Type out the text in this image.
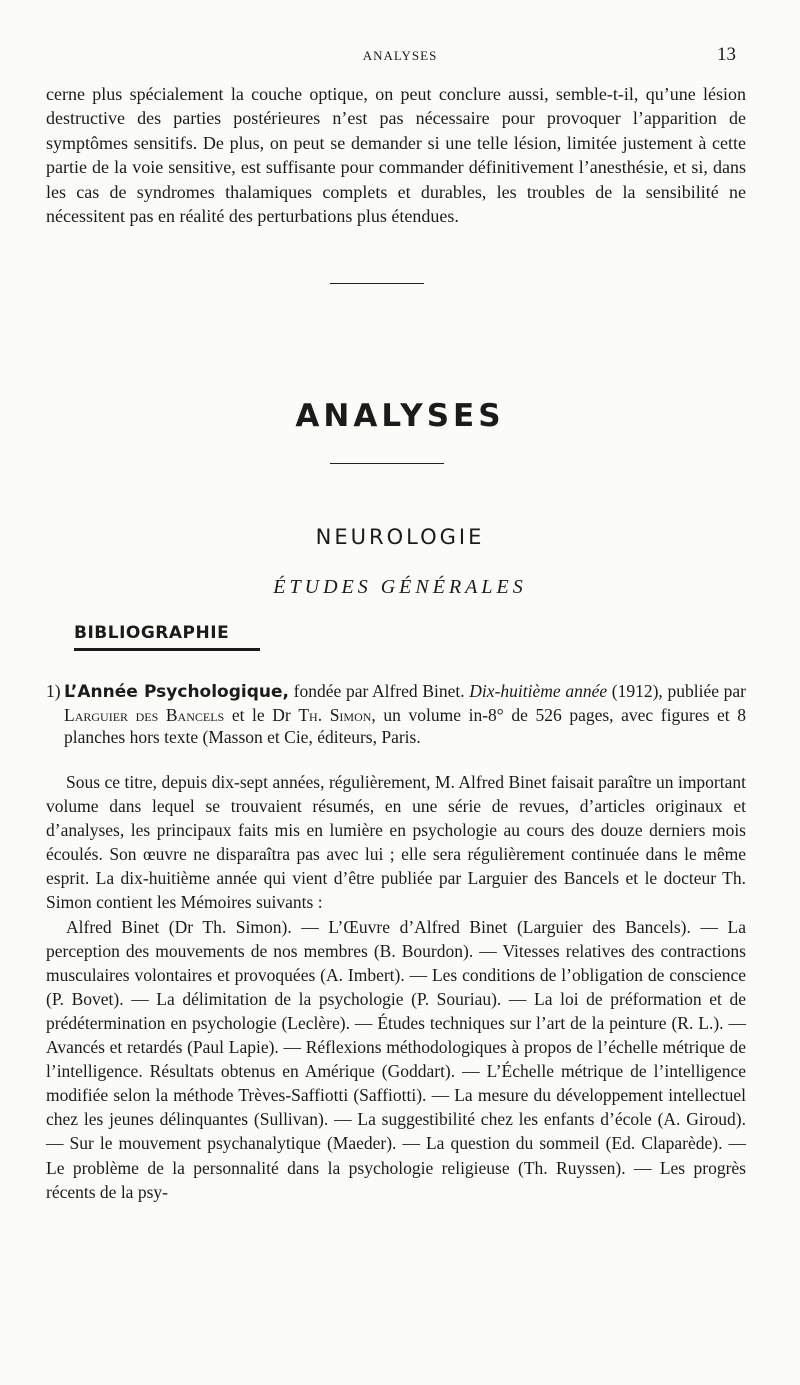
ANALYSES	13

cerne plus spécialement la couche optique, on peut conclure aussi, semble-t-il, qu’une lésion destructive des parties postérieures n’est pas nécessaire pour provoquer l’apparition de symptômes sensitifs. De plus, on peut se demander si une telle lésion, limitée justement à cette partie de la voie sensitive, est suffisante pour commander définitivement l’anesthésie, et si, dans les cas de syndromes thalamiques complets et durables, les troubles de la sensibilité ne nécessitent pas en réalité des perturbations plus étendues.

ANALYSES
NEUROLOGIE
ÉTUDES GÉNÉRALES
BIBLIOGRAPHIE
1) L’Année Psychologique, fondée par Alfred Binet. Dix-huitième année (1912), publiée par Larguier des Bancels et le Dr Th. Simon, un volume in-8° de 526 pages, avec figures et 8 planches hors texte (Masson et Cie, éditeurs, Paris.

Sous ce titre, depuis dix-sept années, régulièrement, M. Alfred Binet faisait paraître un important volume dans lequel se trouvaient résumés, en une série de revues, d’articles originaux et d’analyses, les principaux faits mis en lumière en psychologie au cours des douze derniers mois écoulés. Son œuvre ne disparaîtra pas avec lui ; elle sera régulièrement continuée dans le même esprit. La dix-huitième année qui vient d’être publiée par Larguier des Bancels et le docteur Th. Simon contient les Mémoires suivants :

Alfred Binet (Dr Th. Simon). — L’Œuvre d’Alfred Binet (Larguier des Bancels). — La perception des mouvements de nos membres (B. Bourdon). — Vitesses relatives des contractions musculaires volontaires et provoquées (A. Imbert). — Les conditions de l’obligation de conscience (P. Bovet). — La délimitation de la psychologie (P. Souriau). — La loi de préformation et de prédétermination en psychologie (Leclère). — Études techniques sur l’art de la peinture (R. L.). — Avancés et retardés (Paul Lapie). — Réflexions méthodologiques à propos de l’échelle métrique de l’intelligence. Résultats obtenus en Amérique (Goddart). — L’Échelle métrique de l’intelligence modifiée selon la méthode Trèves-Saffiotti (Saffiotti). — La mesure du développement intellectuel chez les jeunes délinquantes (Sullivan). — La suggestibilité chez les enfants d’école (A. Giroud). — Sur le mouvement psychanalytique (Maeder). — La question du sommeil (Ed. Claparède). — Le problème de la personnalité dans la psychologie religieuse (Th. Ruyssen). — Les progrès récents de la psy-
